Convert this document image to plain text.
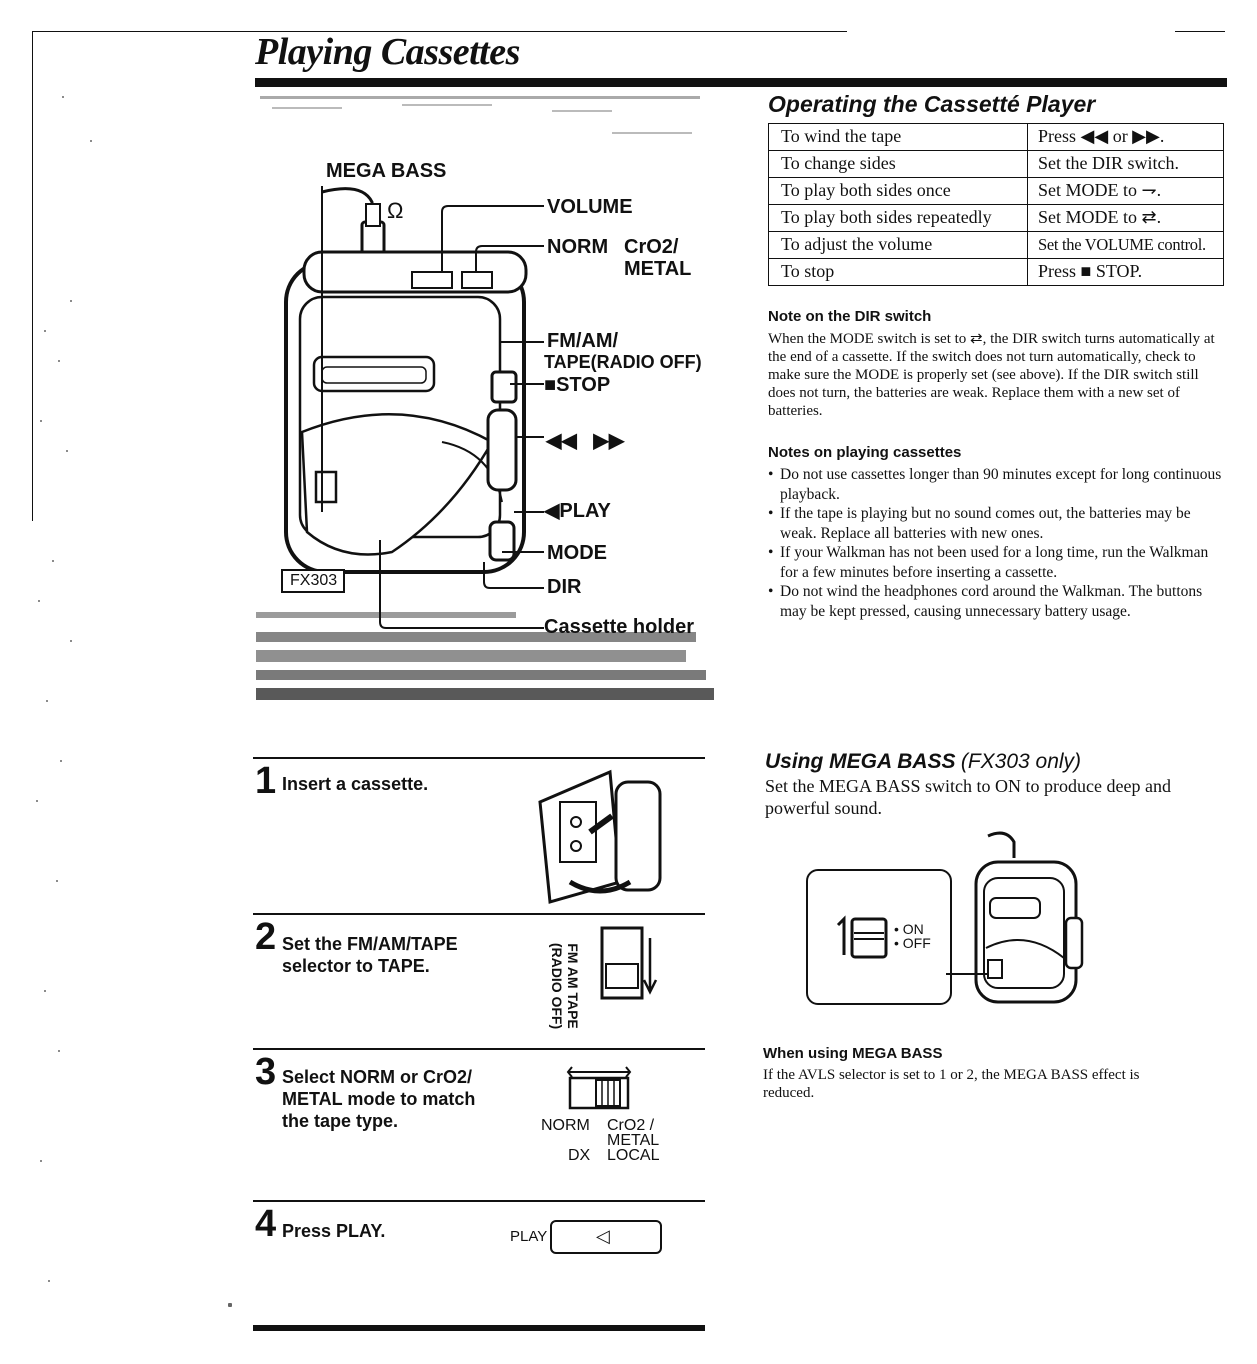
Playing Cassettes
Ω
MEGA BASS
VOLUME
NORM CrO2/
METAL
FM/AM/
TAPE(RADIO OFF)
■STOP
◀◀   ▶▶
◀PLAY
MODE
DIR
Cassette holder
FX303
1 Insert a cassette.
2 Set the FM/AM/TAPE selector to TAPE.	FM AM TAPE (RADIO OFF)
3 Select NORM or CrO2/ METAL mode to match the tape type.	NORM CrO2 /
METAL
DX LOCAL
4 Press PLAY.	PLAY	◁
Operating the Cassetté Player
To wind the tape	Press ◀◀ or ▶▶.
To change sides	Set the DIR switch.
To play both sides once	Set MODE to ⇁.
To play both sides repeatedly	Set MODE to ⇄.
To adjust the volume	Set the VOLUME control.
To stop	Press ■ STOP.
Note on the DIR switch
When the MODE switch is set to ⇄, the DIR switch turns automatically at the end of a cassette. If the switch does not turn automatically, check to make sure the MODE is properly set (see above). If the DIR switch still does not turn, the batteries are weak. Replace them with a new set of batteries.
Notes on playing cassettes
• Do not use cassettes longer than 90 minutes except for long continuous playback.
• If the tape is playing but no sound comes out, the batteries may be weak. Replace all batteries with new ones.
• If your Walkman has not been used for a long time, run the Walkman for a few minutes before inserting a cassette.
• Do not wind the headphones cord around the Walkman. The buttons may be kept pressed, causing unnecessary battery usage.
Using MEGA BASS (FX303 only)
Set the MEGA BASS switch to ON to produce deep and powerful sound.
• ON
• OFF
When using MEGA BASS
If the AVLS selector is set to 1 or 2, the MEGA BASS effect is reduced.
